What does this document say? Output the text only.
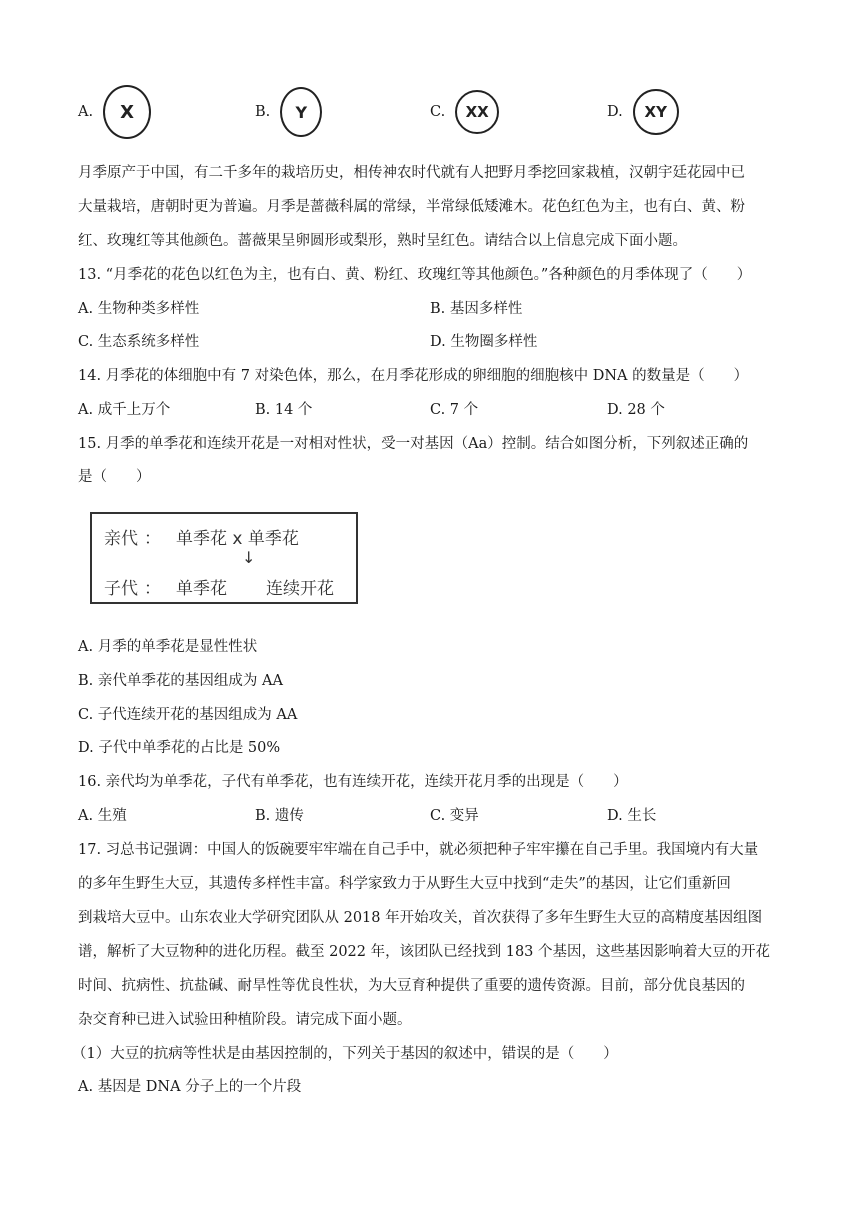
A. X	B. Y	C. XX	D. XY
月季原产于中国，有二千多年的栽培历史，相传神农时代就有人把野月季挖回家栽植，汉朝宇廷花园中已
大量栽培，唐朝时更为普遍。月季是蔷薇科属的常绿，半常绿低矮滩木。花色红色为主，也有白、黄、粉
红、玫瑰红等其他颜色。蔷薇果呈卵圆形或梨形，熟时呈红色。请结合以上信息完成下面小题。
13. “月季花的花色以红色为主，也有白、黄、粉红、玫瑰红等其他颜色。”各种颜色的月季体现了（　　）
A. 生物种类多样性	B. 基因多样性
C. 生态系统多样性	D. 生物圈多样性
14. 月季花的体细胞中有 7 对染色体，那么，在月季花形成的卵细胞的细胞核中 DNA 的数量是（　　）
A. 成千上万个	B. 14 个	C. 7 个	D. 28 个
15. 月季的单季花和连续开花是一对相对性状，受一对基因（Aa）控制。结合如图分析，下列叙述正确的
是（　　）
亲代 ： 单季花 x 单季花
↓
子代 ： 单季花 连续开花
A. 月季的单季花是显性性状
B. 亲代单季花的基因组成为 AA
C. 子代连续开花的基因组成为 AA
D. 子代中单季花的占比是 50%
16. 亲代均为单季花，子代有单季花，也有连续开花，连续开花月季的出现是（　　）
A. 生殖	B. 遗传	C. 变异	D. 生长
17. 习总书记强调：中国人的饭碗要牢牢端在自己手中，就必须把种子牢牢攥在自己手里。我国境内有大量
的多年生野生大豆，其遗传多样性丰富。科学家致力于从野生大豆中找到“走失”的基因，让它们重新回
到栽培大豆中。山东农业大学研究团队从 2018 年开始攻关，首次获得了多年生野生大豆的高精度基因组图
谱，解析了大豆物种的进化历程。截至 2022 年，该团队已经找到 183 个基因，这些基因影响着大豆的开花
时间、抗病性、抗盐碱、耐旱性等优良性状，为大豆育种提供了重要的遗传资源。目前，部分优良基因的
杂交育种已进入试验田种植阶段。请完成下面小题。
（1）大豆的抗病等性状是由基因控制的，下列关于基因的叙述中，错误的是（　　）
A. 基因是 DNA 分子上的一个片段
